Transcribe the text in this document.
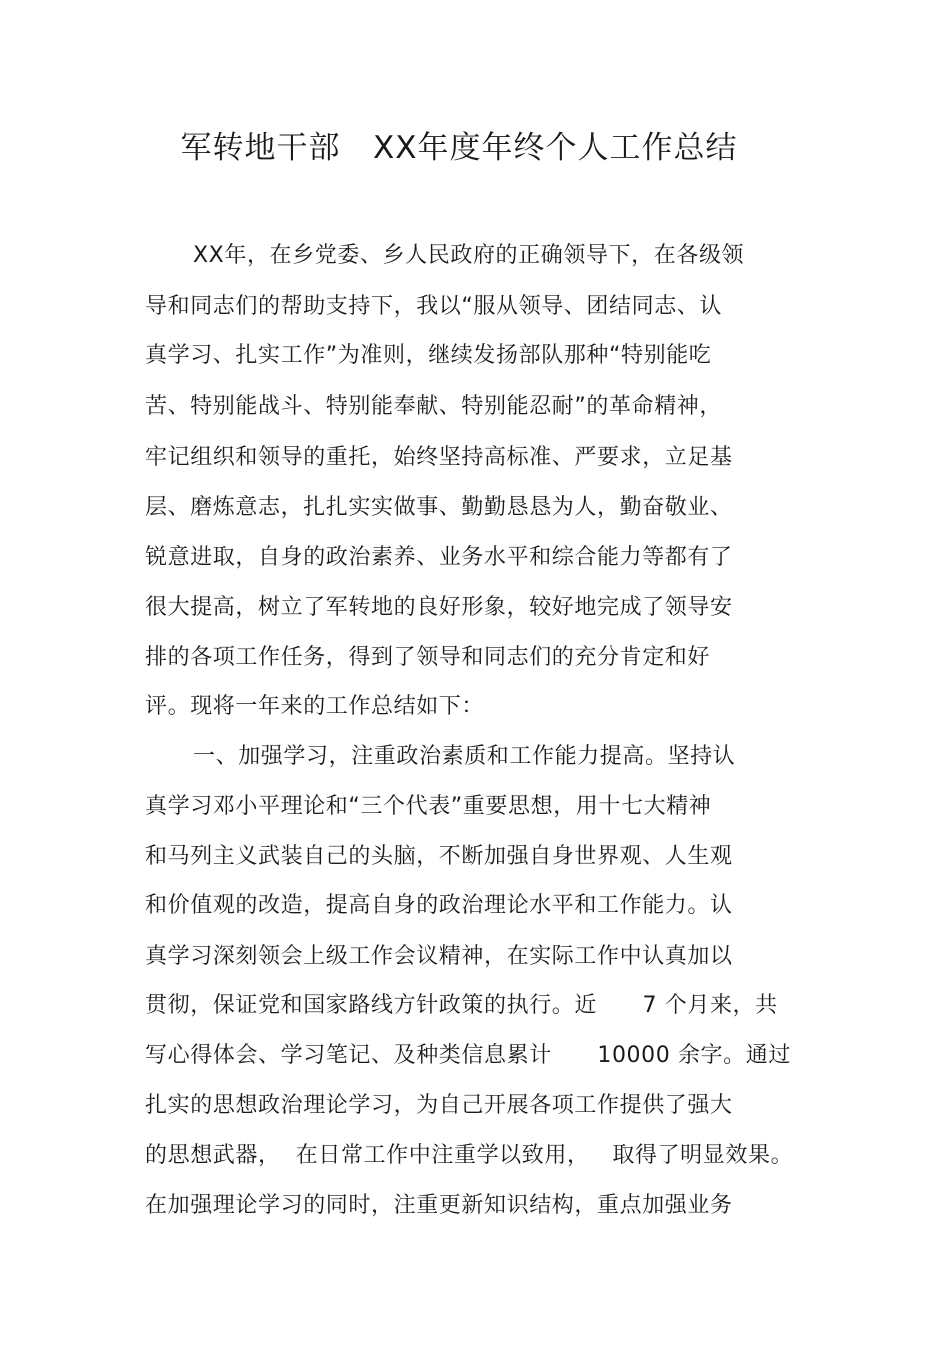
军转地干部   XX年度年终个人工作总结
XX年，在乡党委、乡人民政府的正确领导下，在各级领
导和同志们的帮助支持下，我以“服从领导、团结同志、认
真学习、扎实工作”为准则，继续发扬部队那种“特别能吃
苦、特别能战斗、特别能奉献、特别能忍耐”的革命精神，
牢记组织和领导的重托，始终坚持高标准、严要求，立足基
层、磨炼意志，扎扎实实做事、勤勤恳恳为人，勤奋敬业、
锐意进取，自身的政治素养、业务水平和综合能力等都有了
很大提高，树立了军转地的良好形象，较好地完成了领导安
排的各项工作任务，得到了领导和同志们的充分肯定和好
评。现将一年来的工作总结如下：
一、加强学习，注重政治素质和工作能力提高。坚持认
真学习邓小平理论和“三个代表”重要思想，用十七大精神
和马列主义武装自己的头脑，不断加强自身世界观、人生观
和价值观的改造，提高自身的政治理论水平和工作能力。认
真学习深刻领会上级工作会议精神，在实际工作中认真加以
贯彻，保证党和国家路线方针政策的执行。近      7 个月来，共
写心得体会、学习笔记、及种类信息累计      10000 余字。通过
扎实的思想政治理论学习，为自己开展各项工作提供了强大
的思想武器，  在日常工作中注重学以致用，   取得了明显效果。
在加强理论学习的同时，注重更新知识结构，重点加强业务
